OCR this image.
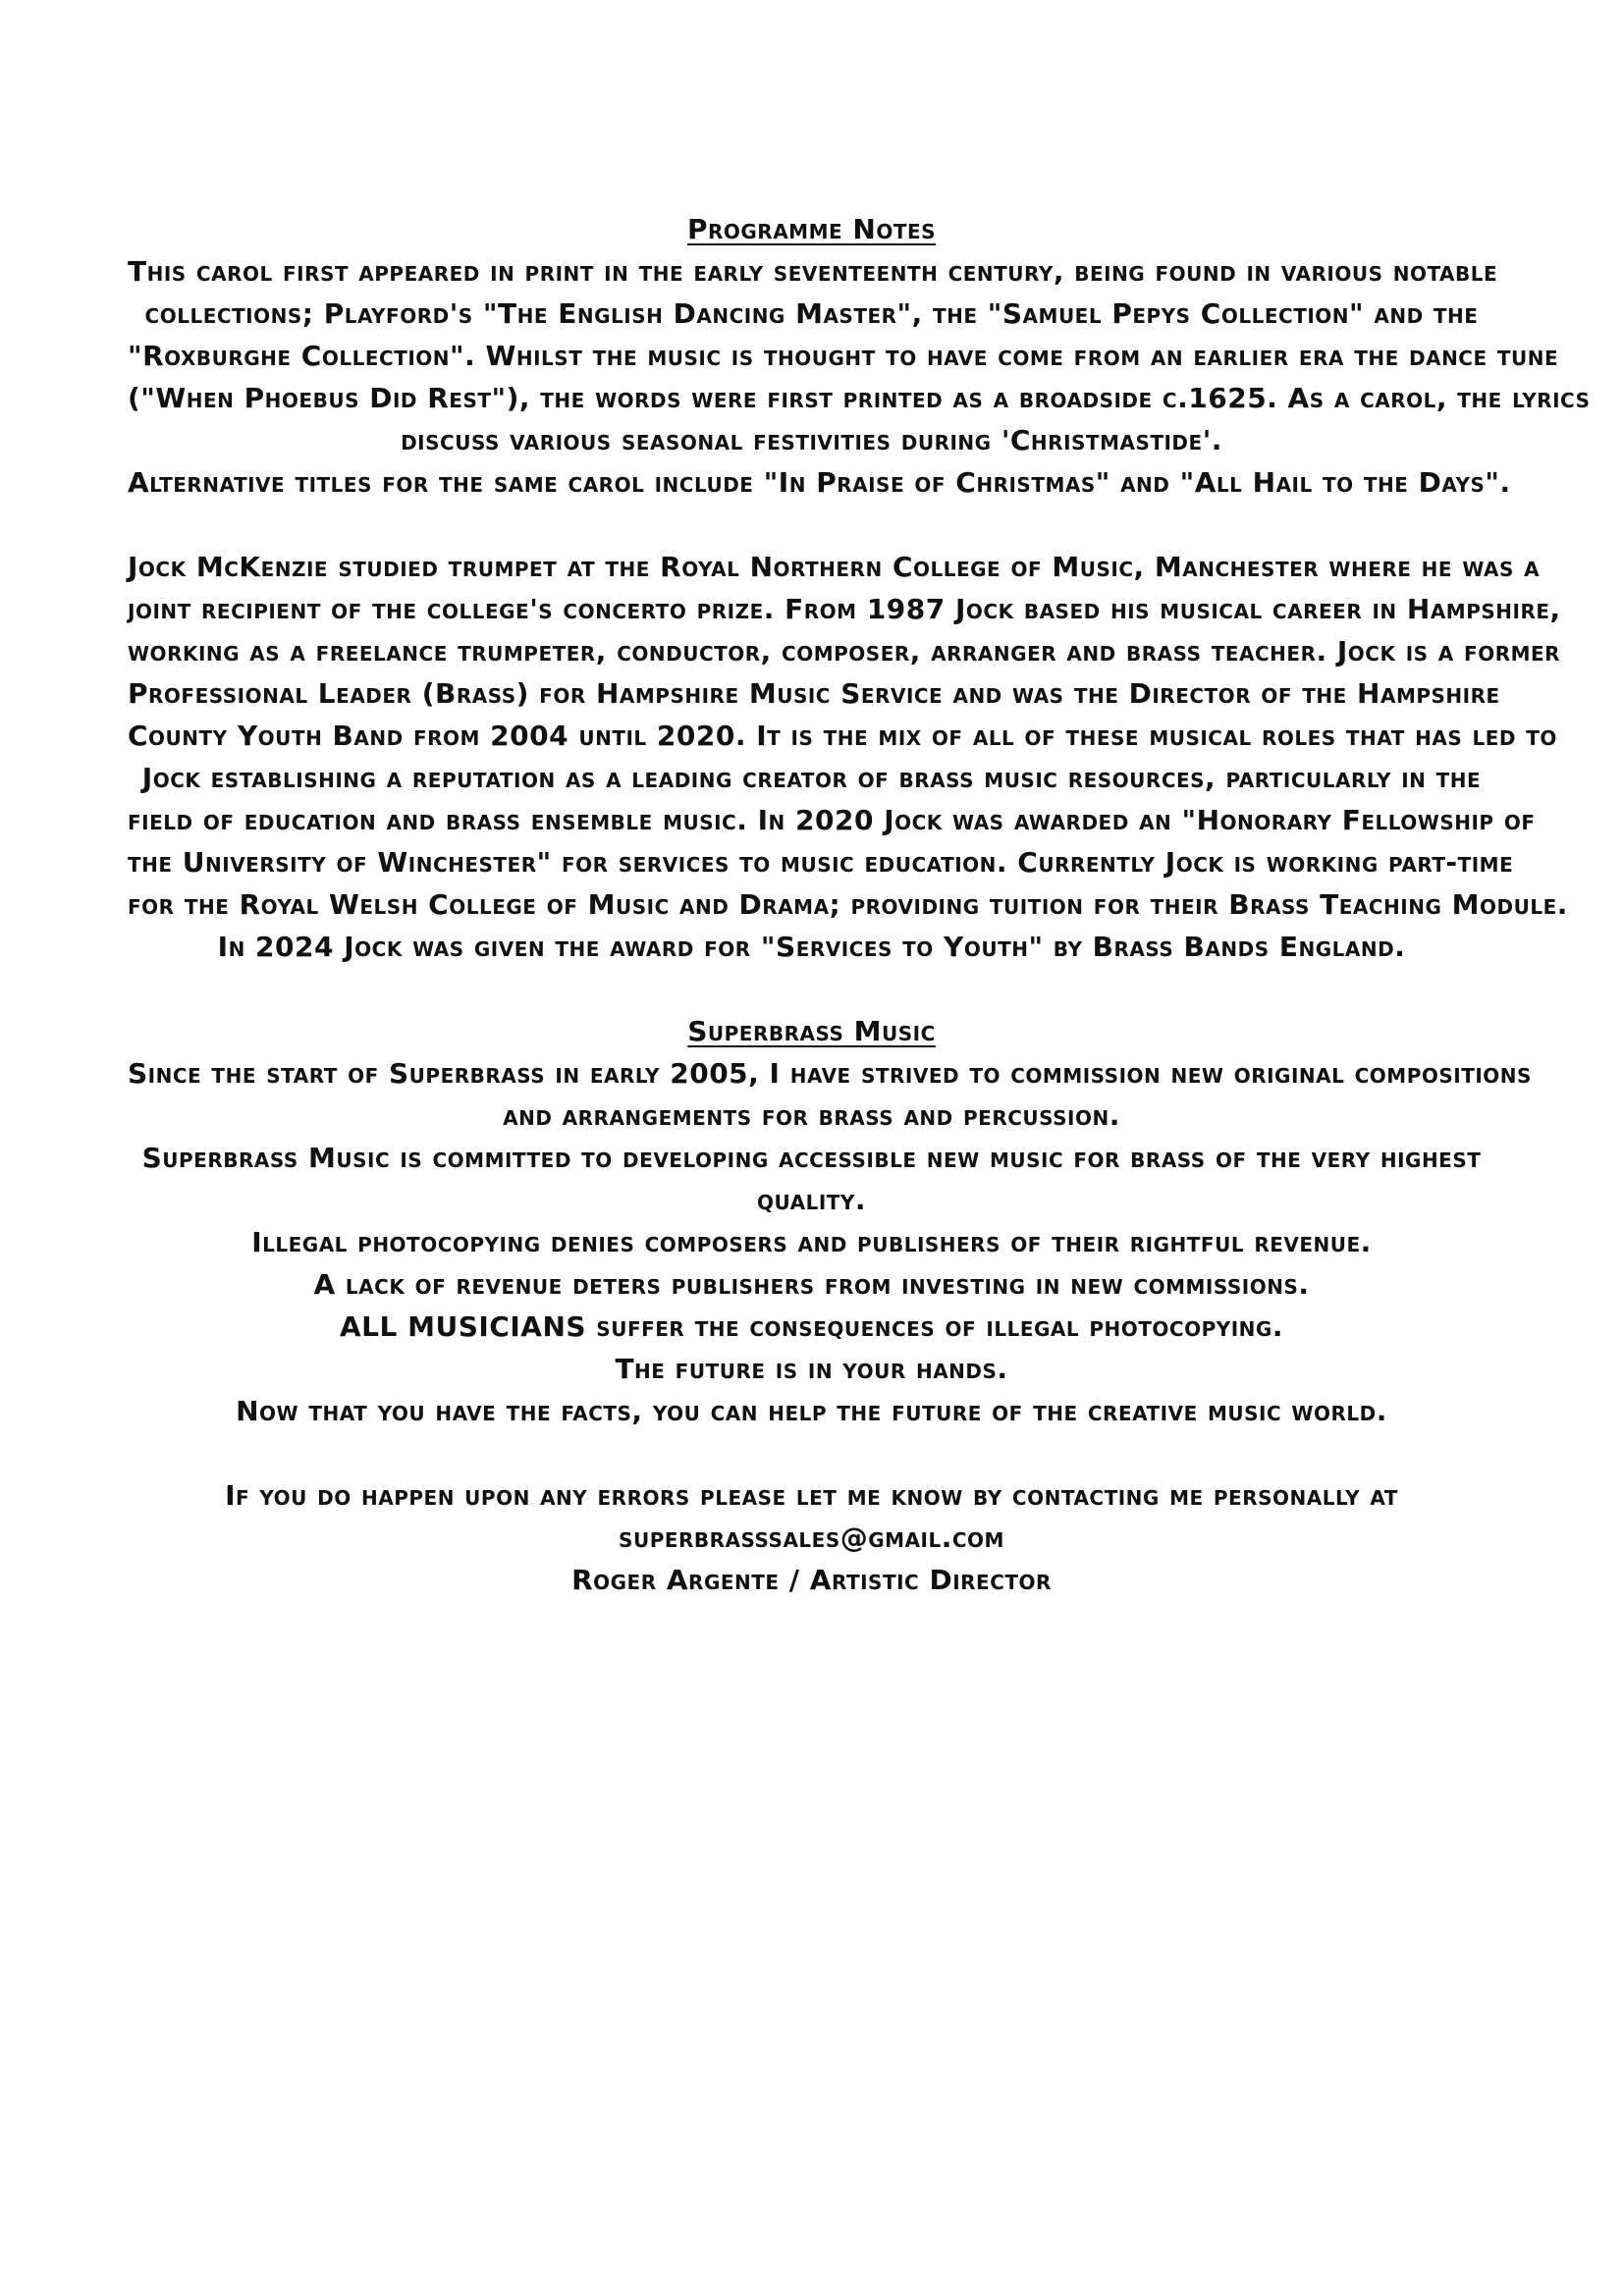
Programme Notes
This carol first appeared in print in the early seventeenth century, being found in various notable
collections; Playford's "The English Dancing Master", the "Samuel Pepys Collection" and the
"Roxburghe Collection". Whilst the music is thought to have come from an earlier era the dance tune
("When Phoebus Did Rest"), the words were first printed as a broadside c.1625. As a carol, the lyrics
discuss various seasonal festivities during 'Christmastide'.
Alternative titles for the same carol include "In Praise of Christmas" and "All Hail to the Days".
Jock McKenzie studied trumpet at the Royal Northern College of Music, Manchester where he was a
joint recipient of the college's concerto prize. From 1987 Jock based his musical career in Hampshire,
working as a freelance trumpeter, conductor, composer, arranger and brass teacher. Jock is a former
Professional Leader (Brass) for Hampshire Music Service and was the Director of the Hampshire
County Youth Band from 2004 until 2020. It is the mix of all of these musical roles that has led to
Jock establishing a reputation as a leading creator of brass music resources, particularly in the
field of education and brass ensemble music. In 2020 Jock was awarded an "Honorary Fellowship of
the University of Winchester" for services to music education. Currently Jock is working part-time
for the Royal Welsh College of Music and Drama; providing tuition for their Brass Teaching Module.
In 2024 Jock was given the award for "Services to Youth" by Brass Bands England.
Superbrass Music
Since the start of Superbrass in early 2005, I have strived to commission new original compositions
and arrangements for brass and percussion.
Superbrass Music is committed to developing accessible new music for brass of the very highest
quality.
Illegal photocopying denies composers and publishers of their rightful revenue.
A lack of revenue deters publishers from investing in new commissions.
ALL MUSICIANS suffer the consequences of illegal photocopying.
The future is in your hands.
Now that you have the facts, you can help the future of the creative music world.
If you do happen upon any errors please let me know by contacting me personally at
superbrasssales@gmail.com
Roger Argente / Artistic Director
